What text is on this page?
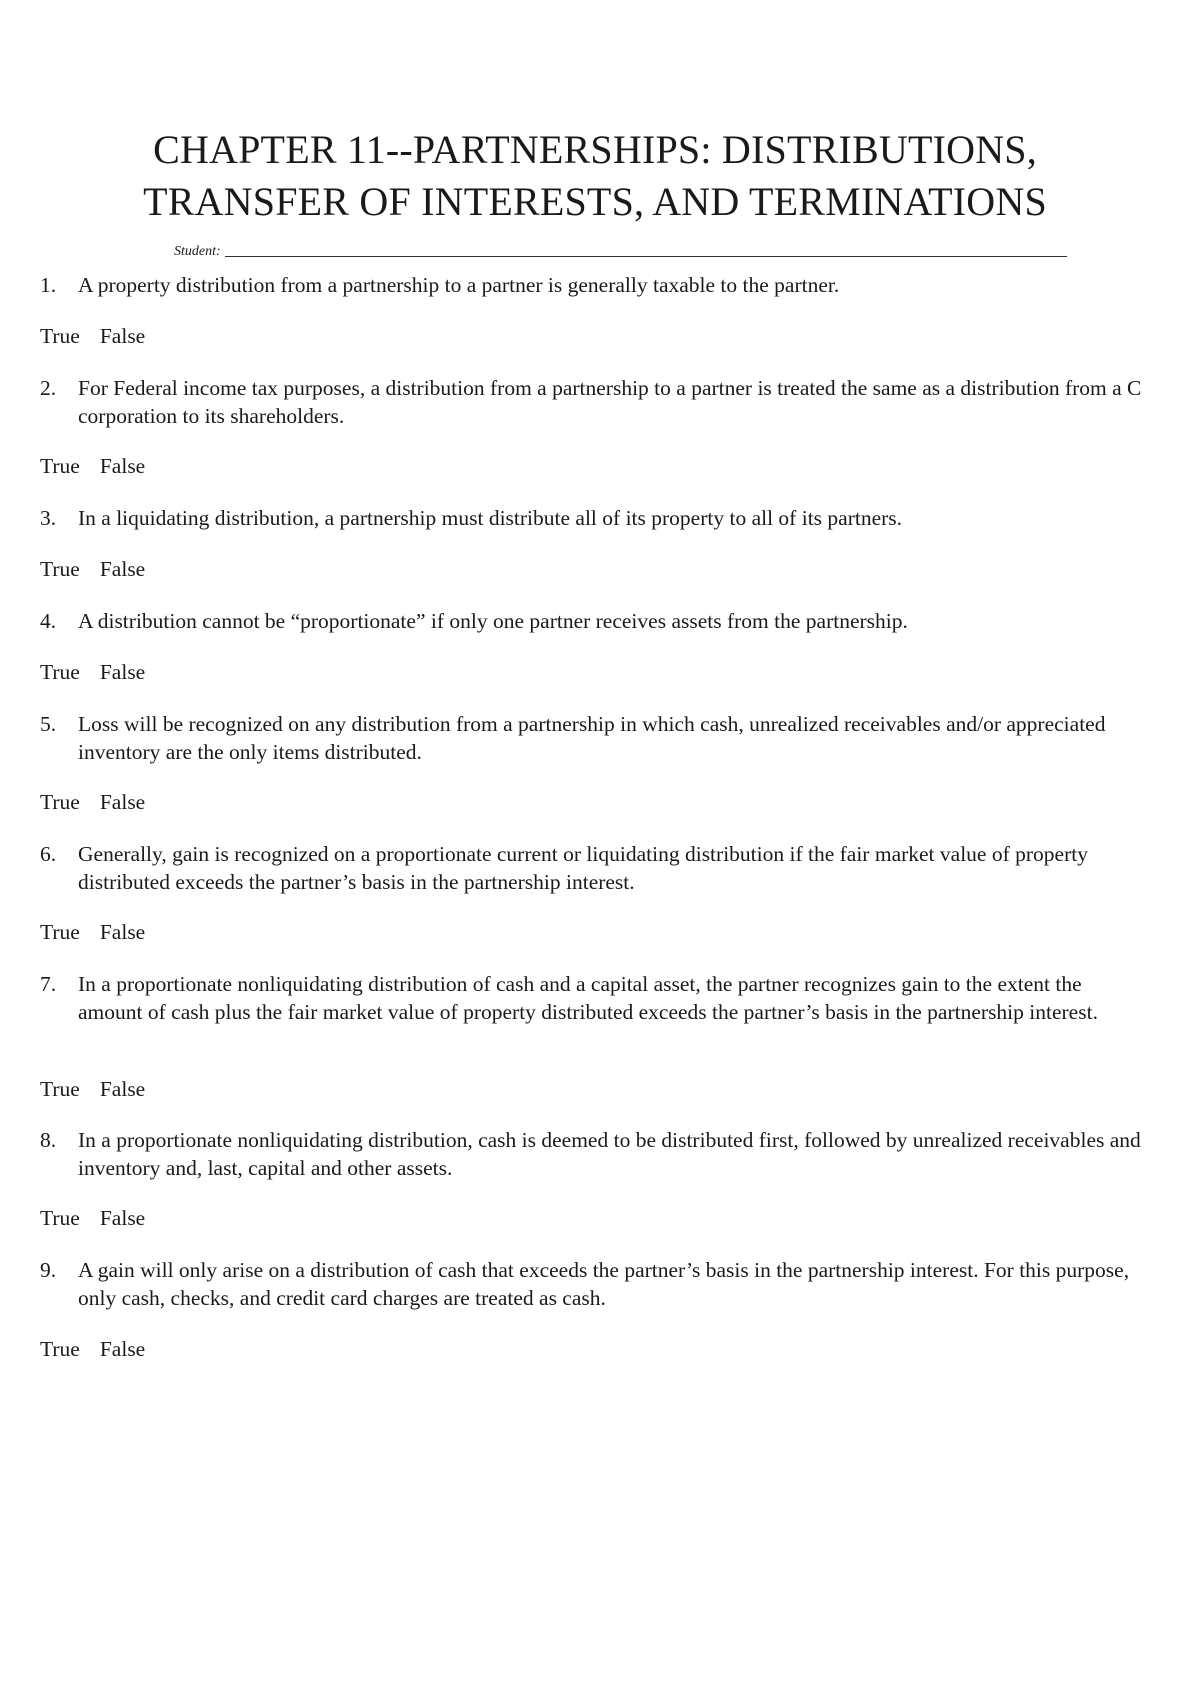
CHAPTER 11--PARTNERSHIPS: DISTRIBUTIONS,
TRANSFER OF INTERESTS, AND TERMINATIONS
Student:
1.	A property distribution from a partnership to a partner is generally taxable to the partner.
True False
2.	For Federal income tax purposes, a distribution from a partnership to a partner is treated the same as a distribution from a C corporation to its shareholders.
True False
3.	In a liquidating distribution, a partnership must distribute all of its property to all of its partners.
True False
4.	A distribution cannot be “proportionate” if only one partner receives assets from the partnership.
True False
5.	Loss will be recognized on any distribution from a partnership in which cash, unrealized receivables and/or appreciated inventory are the only items distributed.
True False
6.	Generally, gain is recognized on a proportionate current or liquidating distribution if the fair market value of property distributed exceeds the partner’s basis in the partnership interest.
True False
7.	In a proportionate nonliquidating distribution of cash and a capital asset, the partner recognizes gain to the extent the amount of cash plus the fair market value of property distributed exceeds the partner’s basis in the partnership interest.
True False
8.	In a proportionate nonliquidating distribution, cash is deemed to be distributed first, followed by unrealized receivables and inventory and, last, capital and other assets.
True False
9.	A gain will only arise on a distribution of cash that exceeds the partner’s basis in the partnership interest. For this purpose, only cash, checks, and credit card charges are treated as cash.
True False
